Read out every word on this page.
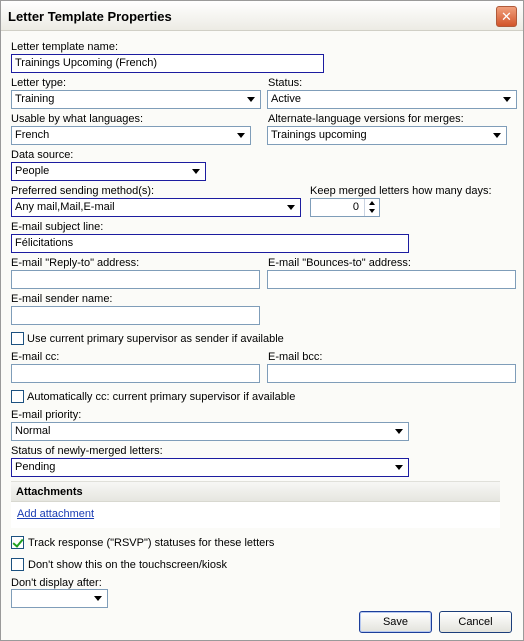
Letter Template Properties	✕
Letter template name:
Trainings Upcoming (French)
Letter type:
Training
Status:
Active
Usable by what languages:
French
Alternate-language versions for merges:
Trainings upcoming
Data source:
People
Preferred sending method(s):
Any mail,Mail,E-mail
Keep merged letters how many days:
0
E-mail subject line:
Félicitations
E-mail "Reply-to" address:	E-mail "Bounces-to" address:
E-mail sender name:
Use current primary supervisor as sender if available
E-mail cc:	E-mail bcc:
Automatically cc: current primary supervisor if available
E-mail priority:
Normal
Status of newly-merged letters:
Pending
Attachments
Add attachment
Track response ("RSVP") statuses for these letters
Don't show this on the touchscreen/kiosk
Don't display after:
Save	Cancel
